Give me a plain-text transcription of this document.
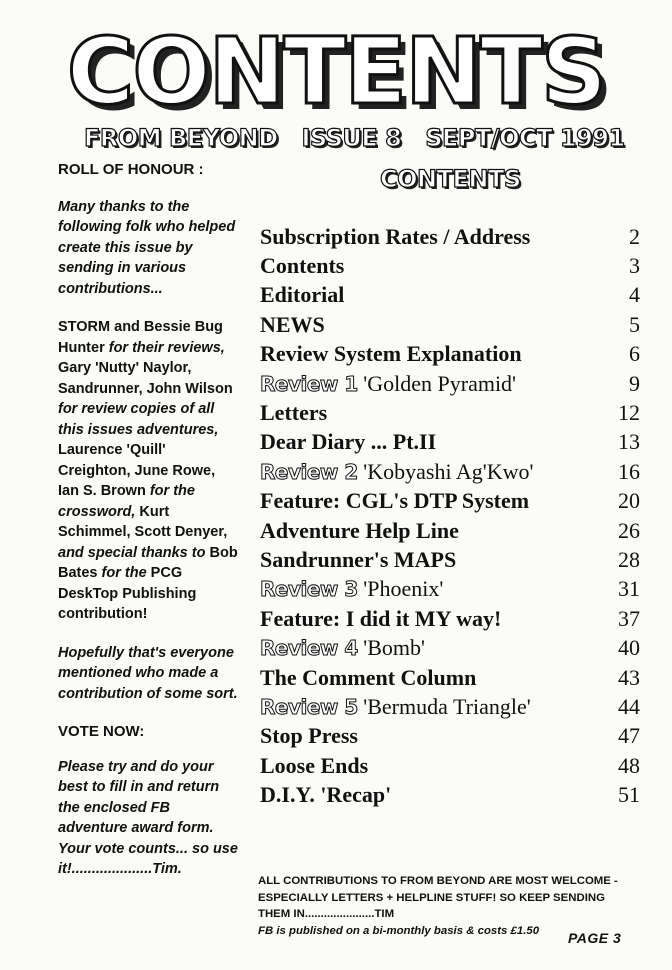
CONTENTS
FROM BEYOND ISSUE 8 SEPT/OCT 1991
CONTENTS
ROLL OF HONOUR :
Many thanks to the following folk who helped create this issue by sending in various contributions...
STORM and Bessie Bug Hunter for their reviews, Gary 'Nutty' Naylor, Sandrunner, John Wilson for review copies of all this issues adventures, Laurence 'Quill' Creighton, June Rowe, Ian S. Brown for the crossword, Kurt Schimmel, Scott Denyer, and special thanks to Bob Bates for the PCG DeskTop Publishing contribution!
Hopefully that's everyone mentioned who made a contribution of some sort.
VOTE NOW:
Please try and do your best to fill in and return the enclosed FB adventure award form. Your vote counts... so use it!....................Tim.
Subscription Rates / Address	2
Contents	3
Editorial	4
NEWS	5
Review System Explanation	6
Review 1 'Golden Pyramid'	9
Letters	12
Dear Diary ... Pt.II	13
Review 2 'Kobyashi Ag'Kwo'	16
Feature: CGL's DTP System	20
Adventure Help Line	26
Sandrunner's MAPS	28
Review 3 'Phoenix'	31
Feature: I did it MY way!	37
Review 4 'Bomb'	40
The Comment Column	43
Review 5 'Bermuda Triangle'	44
Stop Press	47
Loose Ends	48
D.I.Y. 'Recap'	51
ALL CONTRIBUTIONS TO FROM BEYOND ARE MOST WELCOME - ESPECIALLY LETTERS + HELPLINE STUFF! SO KEEP SENDING THEM IN......................TIM
FB is published on a bi-monthly basis & costs £1.50	PAGE 3
